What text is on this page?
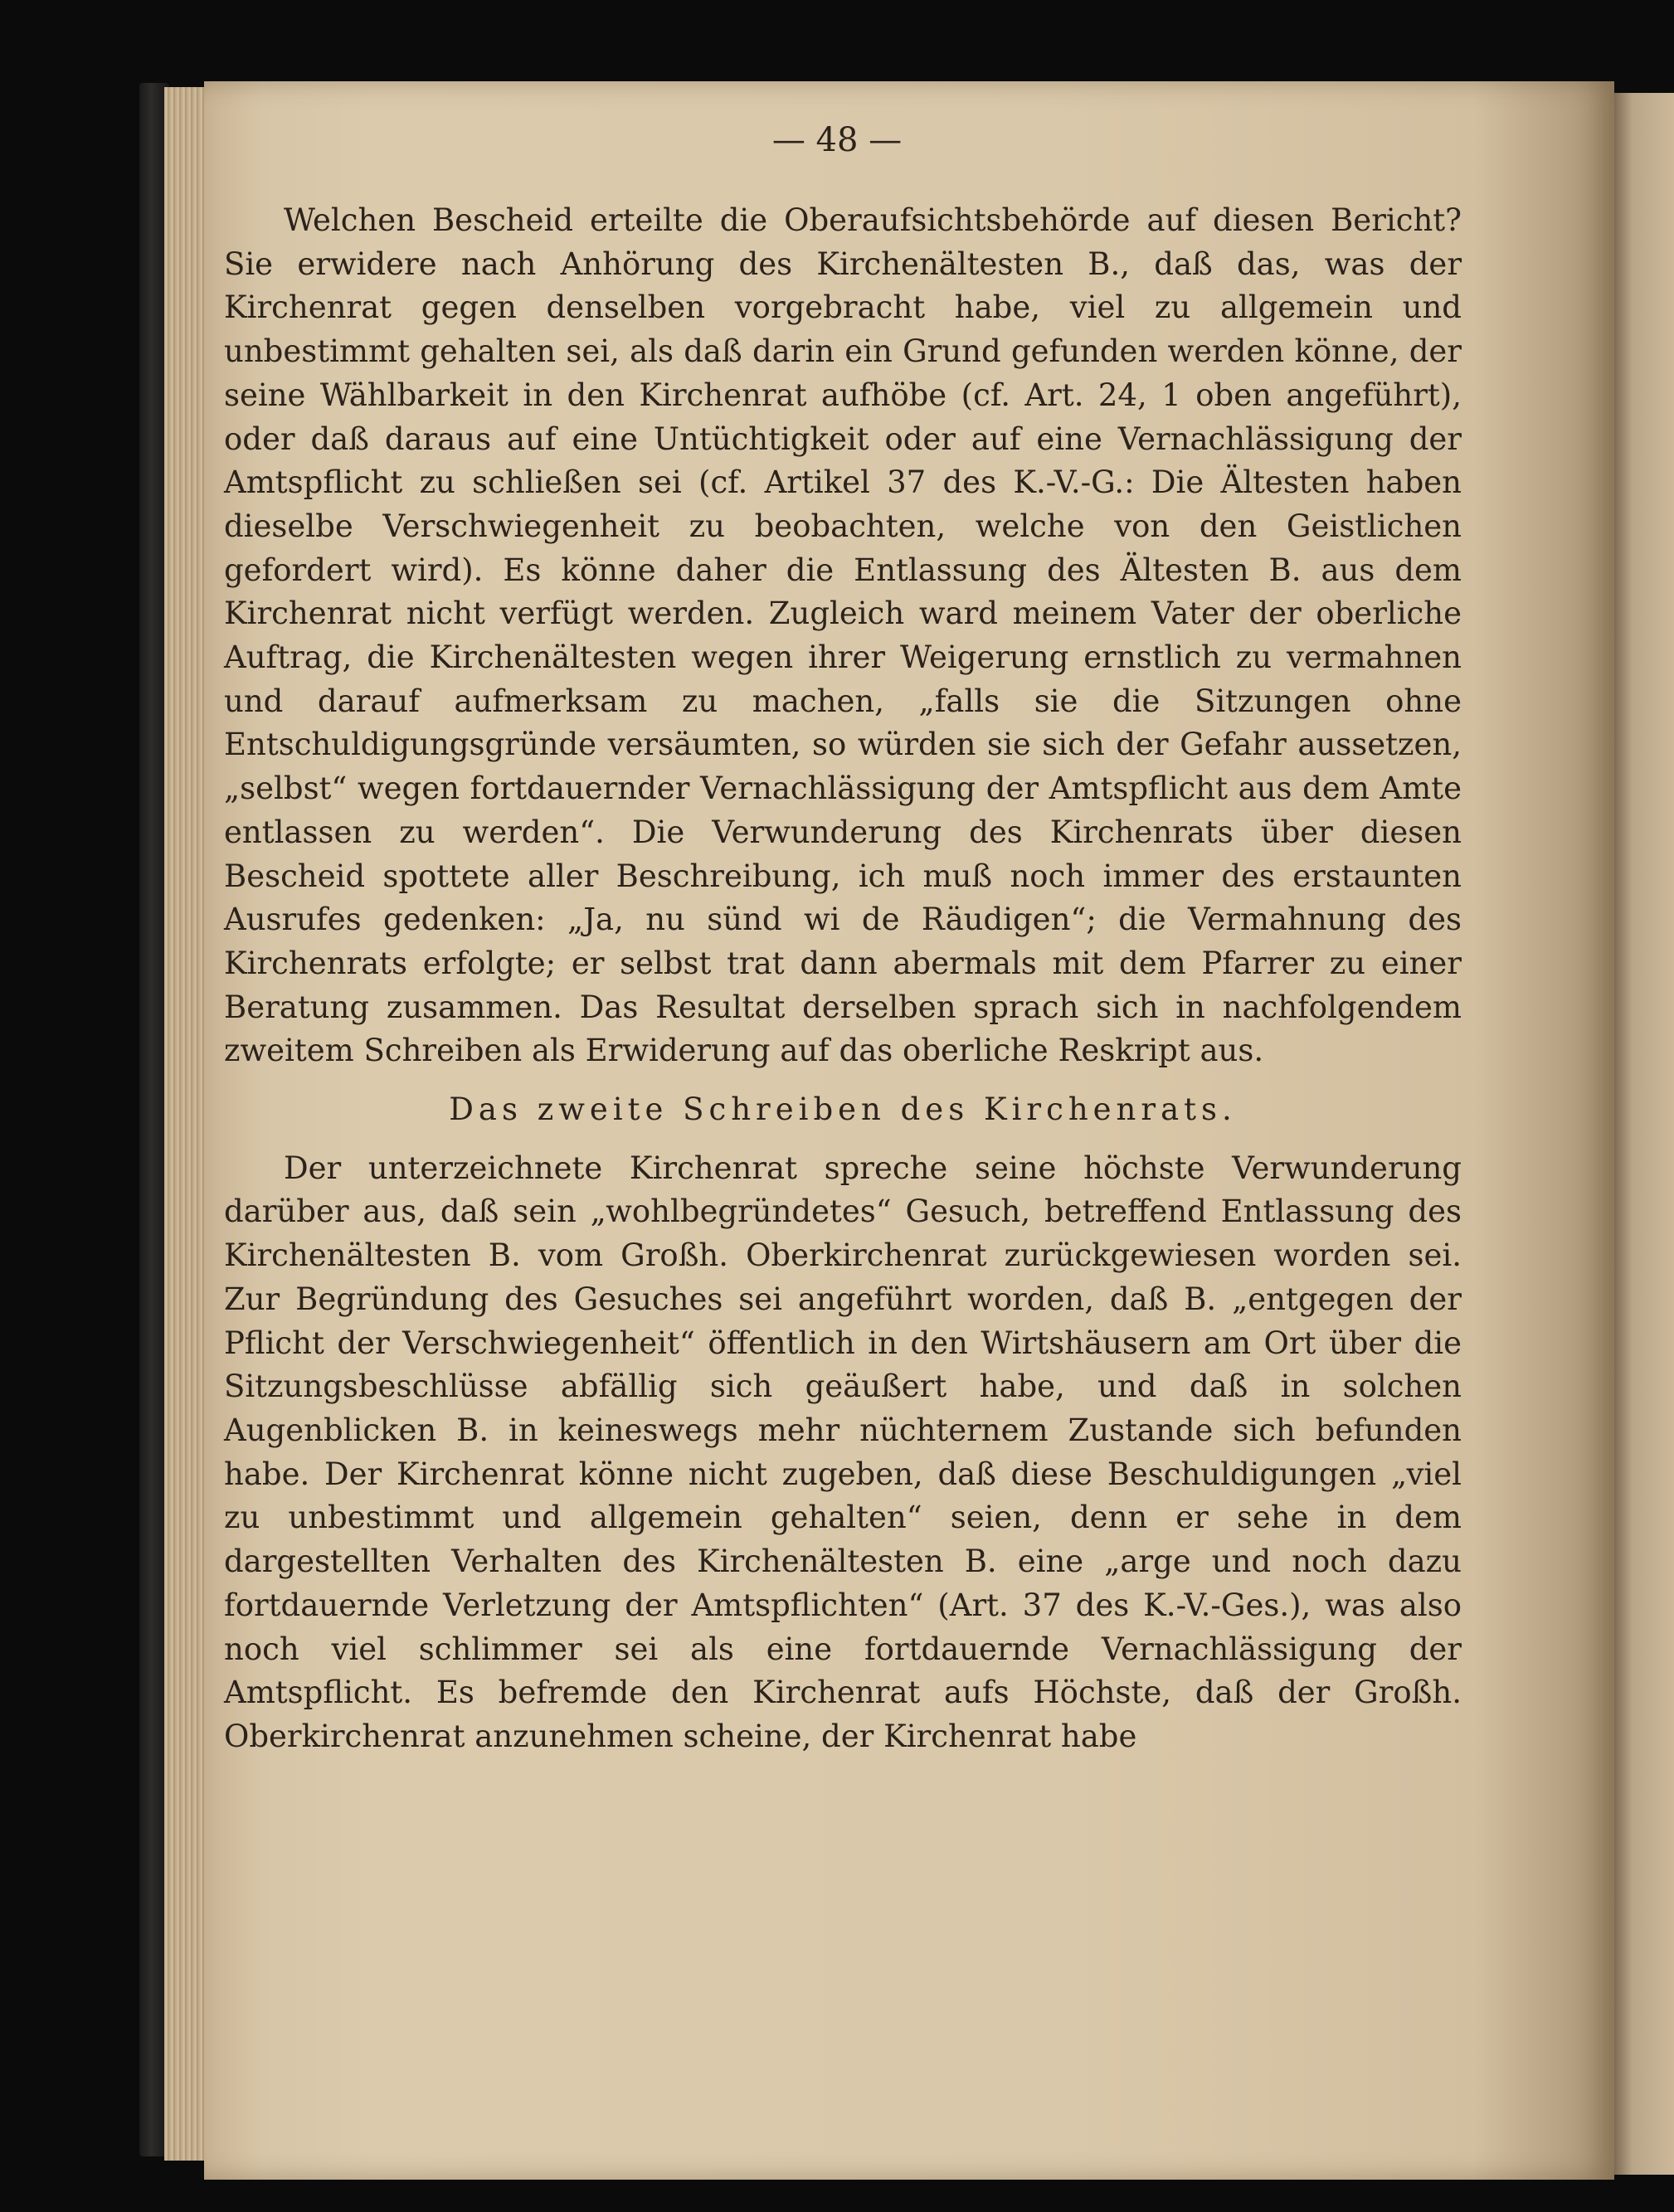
— 48 —

Welchen Bescheid erteilte die Oberaufsichtsbehörde auf diesen Bericht? Sie erwidere nach Anhörung des Kirchenältesten B., daß das, was der Kirchenrat gegen denselben vorgebracht habe, viel zu allgemein und unbestimmt gehalten sei, als daß darin ein Grund gefunden werden könne, der seine Wählbarkeit in den Kirchenrat aufhöbe (cf. Art. 24, 1 oben angeführt), oder daß daraus auf eine Untüchtigkeit oder auf eine Vernachlässigung der Amtspflicht zu schließen sei (cf. Artikel 37 des K.-V.-G.: Die Ältesten haben dieselbe Verschwiegenheit zu beobachten, welche von den Geistlichen gefordert wird). Es könne daher die Entlassung des Ältesten B. aus dem Kirchenrat nicht verfügt werden. Zugleich ward meinem Vater der oberliche Auftrag, die Kirchenältesten wegen ihrer Weigerung ernstlich zu vermahnen und darauf aufmerksam zu machen, „falls sie die Sitzungen ohne Entschuldigungsgründe versäumten, so würden sie sich der Gefahr aussetzen, „selbst“ wegen fortdauernder Vernachlässigung der Amtspflicht aus dem Amte entlassen zu werden“. Die Verwunderung des Kirchenrats über diesen Bescheid spottete aller Beschreibung, ich muß noch immer des erstaunten Ausrufes gedenken: „Ja, nu sünd wi de Räudigen“; die Vermahnung des Kirchenrats erfolgte; er selbst trat dann abermals mit dem Pfarrer zu einer Beratung zusammen. Das Resultat derselben sprach sich in nachfolgendem zweitem Schreiben als Erwiderung auf das oberliche Reskript aus.

Das zweite Schreiben des Kirchenrats.

Der unterzeichnete Kirchenrat spreche seine höchste Verwunderung darüber aus, daß sein „wohlbegründetes“ Gesuch, betreffend Entlassung des Kirchenältesten B. vom Großh. Oberkirchenrat zurückgewiesen worden sei. Zur Begründung des Gesuches sei angeführt worden, daß B. „entgegen der Pflicht der Verschwiegenheit“ öffentlich in den Wirtshäusern am Ort über die Sitzungsbeschlüsse abfällig sich geäußert habe, und daß in solchen Augenblicken B. in keineswegs mehr nüchternem Zustande sich befunden habe. Der Kirchenrat könne nicht zugeben, daß diese Beschuldigungen „viel zu unbestimmt und allgemein gehalten“ seien, denn er sehe in dem dargestellten Verhalten des Kirchenältesten B. eine „arge und noch dazu fortdauernde Verletzung der Amtspflichten“ (Art. 37 des K.-V.-Ges.), was also noch viel schlimmer sei als eine fortdauernde Vernachlässigung der Amtspflicht. Es befremde den Kirchenrat aufs Höchste, daß der Großh. Oberkirchenrat anzunehmen scheine, der Kirchenrat habe
